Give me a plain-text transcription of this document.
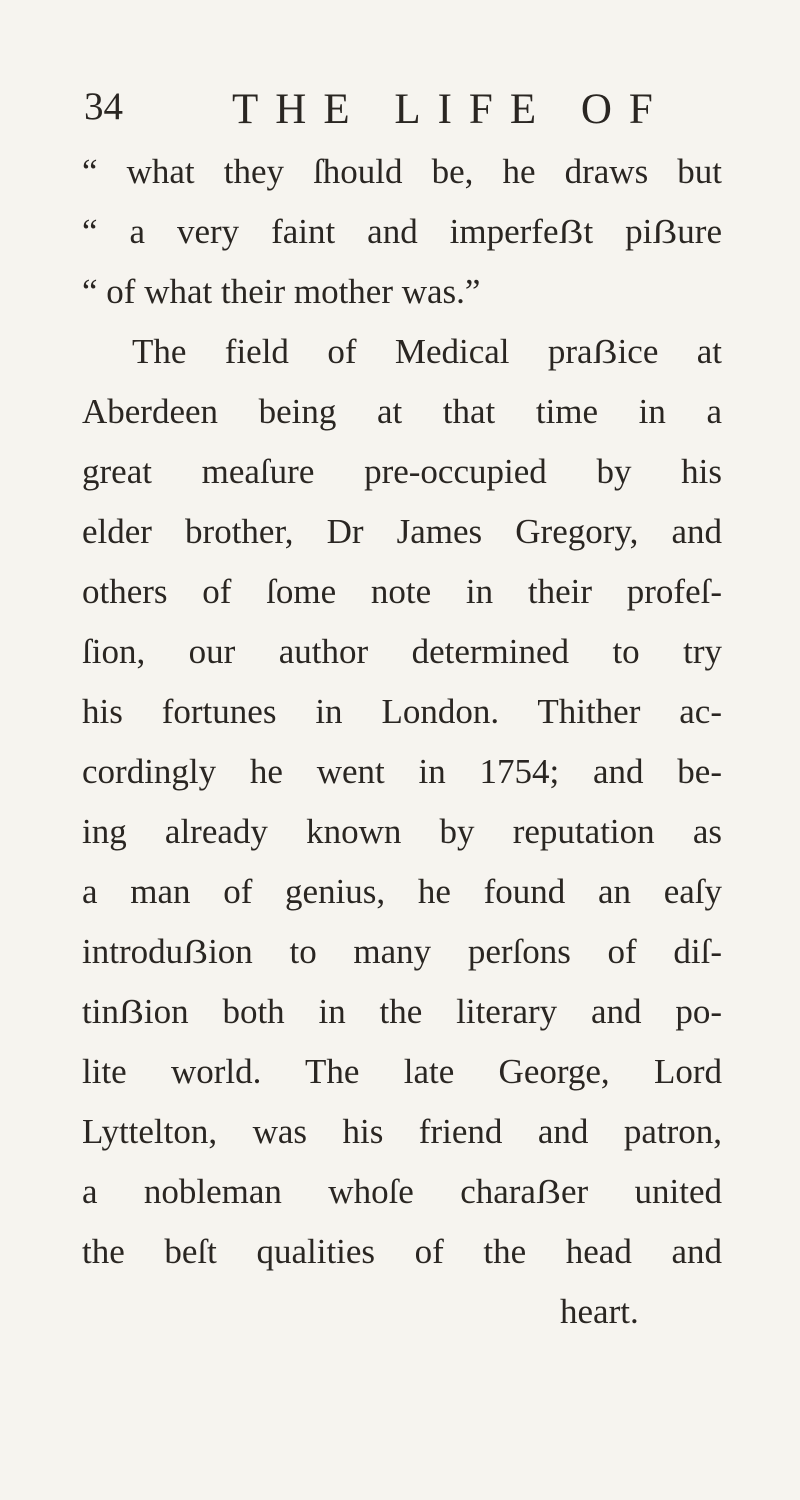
34	THE LIFE OF
“ what they ſhould be, he draws but
“ a very faint and imperfeẞt piẞure
“ of what their mother was.”
The field of Medical praẞice at
Aberdeen being at that time in a
great meaſure pre-occupied by his
elder brother, Dr James Gregory, and
others of ſome note in their profeſ-
ſion, our author determined to try
his fortunes in London. Thither ac-
cordingly he went in 1754; and be-
ing already known by reputation as
a man of genius, he found an eaſy
introduẞion to many perſons of diſ-
tinẞion both in the literary and po-
lite world. The late George, Lord
Lyttelton, was his friend and patron,
a nobleman whoſe charaẞer united
the beſt qualities of the head and
heart.
